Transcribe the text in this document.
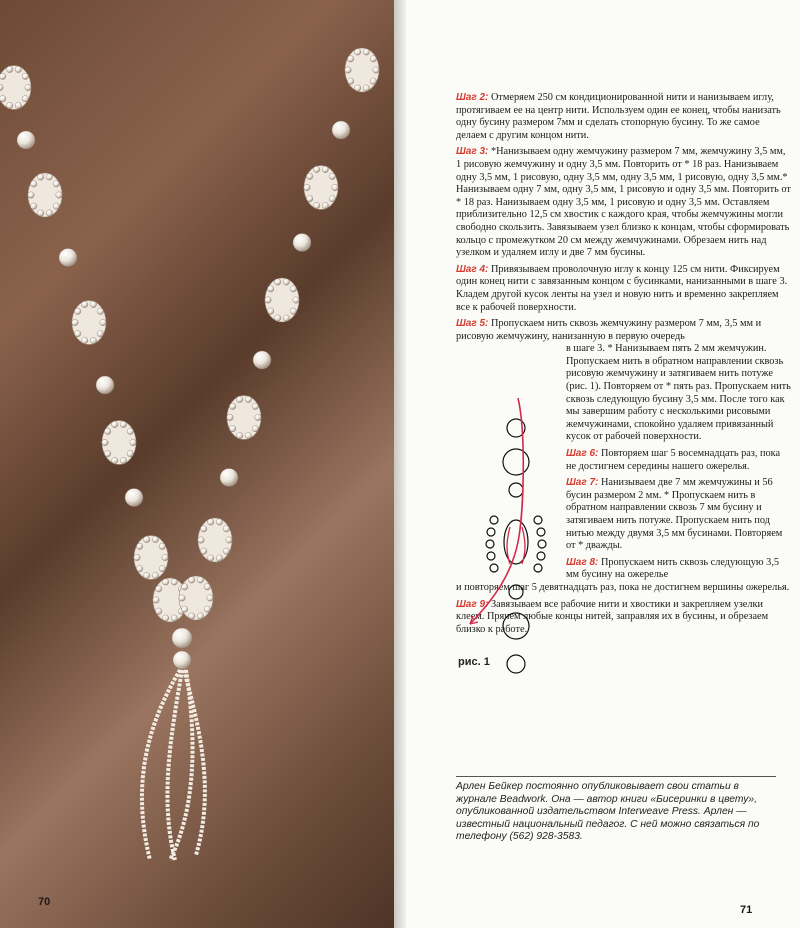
70

Шаг 2: Отмеряем 250 см кондиционированной нити и нанизываем иглу, протягиваем ее на центр нити. Используем один ее конец, чтобы нанизать одну бусину размером 7мм и сделать стопорную бусину. То же самое делаем с другим концом нити.

Шаг 3: *Нанизываем одну жемчужину размером 7 мм, жемчужину 3,5 мм, 1 рисовую жемчужину и одну 3,5 мм. Повторить от * 18 раз. Нанизываем одну 3,5 мм, 1 рисовую, одну 3,5 мм, одну 3,5 мм, 1 рисовую, одну 3,5 мм.* Нанизываем одну 7 мм, одну 3,5 мм, 1 рисовую и одну 3,5 мм. Повторить от * 18 раз. Нанизываем одну 3,5 мм, 1 рисовую и одну 3,5 мм. Оставляем приблизительно 12,5 см хвостик с каждого края, чтобы жемчужины могли свободно скользить. Завязываем узел близко к концам, чтобы сформировать кольцо с промежутком 20 см между жемчужинами. Обрезаем нить над узелком и удаляем иглу и две 7 мм бусины.

Шаг 4: Привязываем проволочную иглу к концу 125 см нити. Фиксируем один конец нити с завязанным концом с бусинками, нанизанными в шаге 3. Кладем другой кусок ленты на узел и новую нить и временно закрепляем все к рабочей поверхности.

Шаг 5: Пропускаем нить сквозь жемчужину размером 7 мм, 3,5 мм и рисовую жемчужину, нанизанную в первую очередь

в шаге 3. * Нанизываем пять 2 мм жемчужин. Пропускаем нить в обратном направлении сквозь рисовую жемчужину и затягиваем нить потуже (рис. 1). Повторяем от * пять раз. Пропускаем нить сквозь следующую бусину 3,5 мм. После того как мы завершим работу с несколькими рисовыми жемчужинами, спокойно удаляем привязанный кусок от рабочей поверхности.

Шаг 6: Повторяем шаг 5 восемнадцать раз, пока не достигнем середины нашего ожерелья.

Шаг 7: Нанизываем две 7 мм жемчужины и 56 бусин размером 2 мм. * Пропускаем нить в обратном направлении сквозь 7 мм бусину и затягиваем нить потуже. Пропускаем нить под нитью между двумя 3,5 мм бусинами. Повторяем от * дважды.

Шаг 8: Пропускаем нить сквозь следующую 3,5 мм бусину на ожерелье

и повторяем шаг 5 девятнадцать раз, пока не достигнем вершины ожерелья.

Шаг 9: Завязываем все рабочие нити и хвостики и закрепляем узелки клеем. Прячем любые концы нитей, заправляя их в бусины, и обрезаем близко к работе.

рис. 1
Арлен Бейкер постоянно опубликовывает свои статьи в журнале Beadwork. Она — автор книги «Бисеринки в цвету», опубликованной издательством Interweave Press. Арлен — известный национальный педагог. С ней можно связаться по телефону (562) 928-3583.
71
